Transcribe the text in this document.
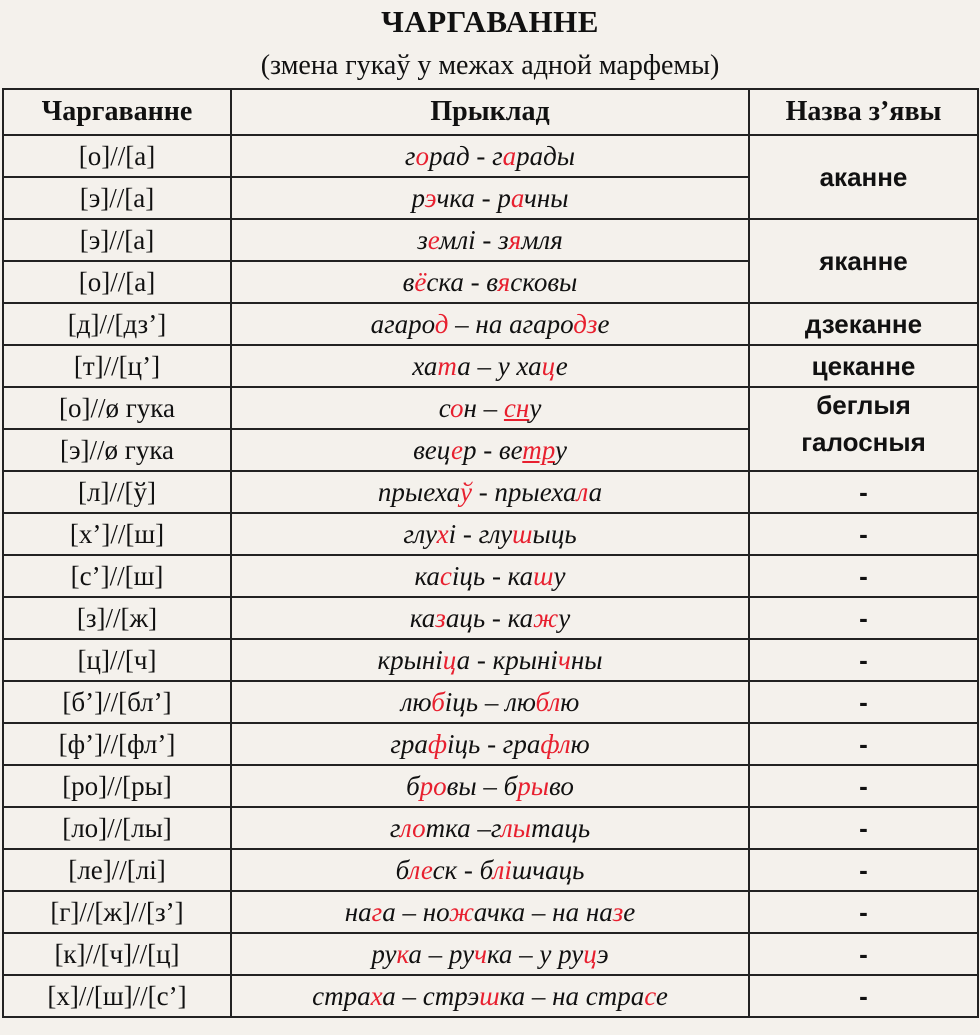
ЧАРГАВАННЕ
(змена гукаў у межах адной марфемы)
Чаргаванне	Прыклад	Назва з’явы
[о]//[а]	горад - гарады	аканне
[э]//[а]	рэчка - рачны	
[э]//[а]	землі - зямля	яканне
[о]//[а]	вёска - вясковы	
[д]//[дз’]	агарод – на агародзе	дзеканне
[т]//[ц’]	хата – у хаце	цеканне
[о]//ø гука	сон – сну	беглыя
галосныя

[э]//ø гука	вецер - ветру	
[л]//[ў]	прыехаў - прыехала	-
[х’]//[ш]	глухі - глушыць	-
[с’]//[ш]	касіць - кашу	-
[з]//[ж]	казаць - кажу	-
[ц]//[ч]	крыніца - крынічны	-
[б’]//[бл’]	любіць – люблю	-
[ф’]//[фл’]	графіць - графлю	-
[ро]//[ры]	бровы – брыво	-
[ло]//[лы]	глотка –глытаць	-
[ле]//[лі]	блеск - блішчаць	-
[г]//[ж]//[з’]	нага – ножачка – на назе	-
[к]//[ч]//[ц]	рука – ручка – у руцэ	-
[х]//[ш]//[с’]	страха – стрэшка – на страсе	-
